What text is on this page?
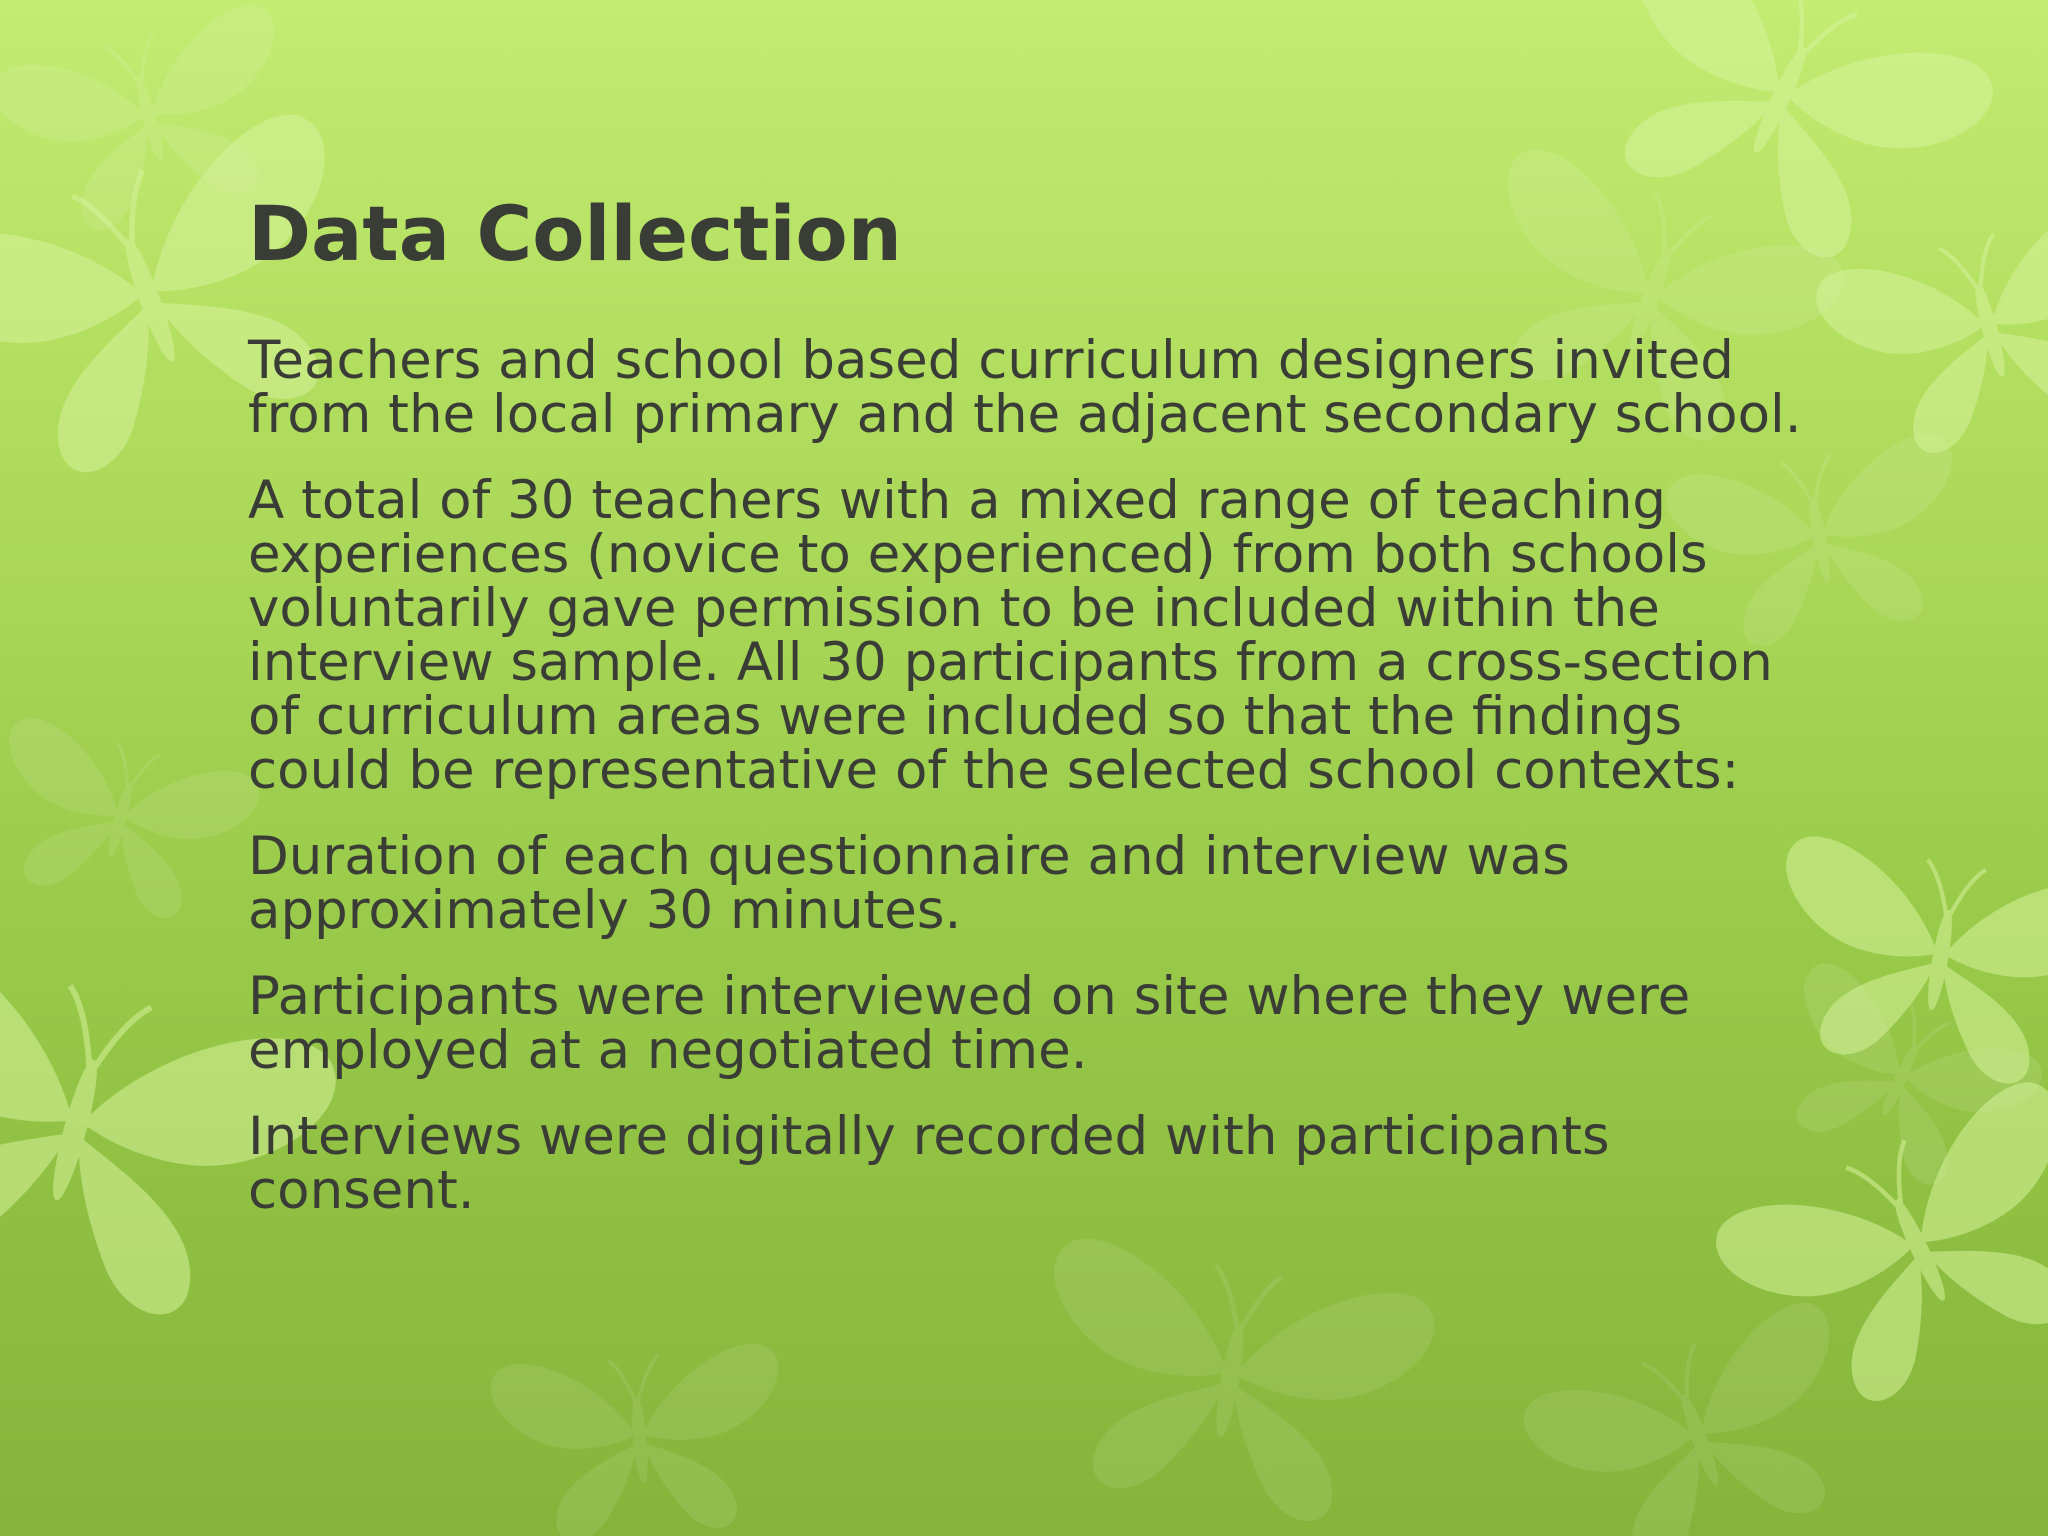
Data Collection

Teachers and school based curriculum designers invited from the local primary and the adjacent secondary school.

A total of 30 teachers with a mixed range of teaching experiences (novice to experienced) from both schools voluntarily gave permission to be included within the interview sample. All 30 participants from a cross-section of curriculum areas were included so that the findings could be representative of the selected school contexts:

Duration of each questionnaire and interview was approximately 30 minutes.

Participants were interviewed on site where they were employed at a negotiated time.

Interviews were digitally recorded with participants consent.
